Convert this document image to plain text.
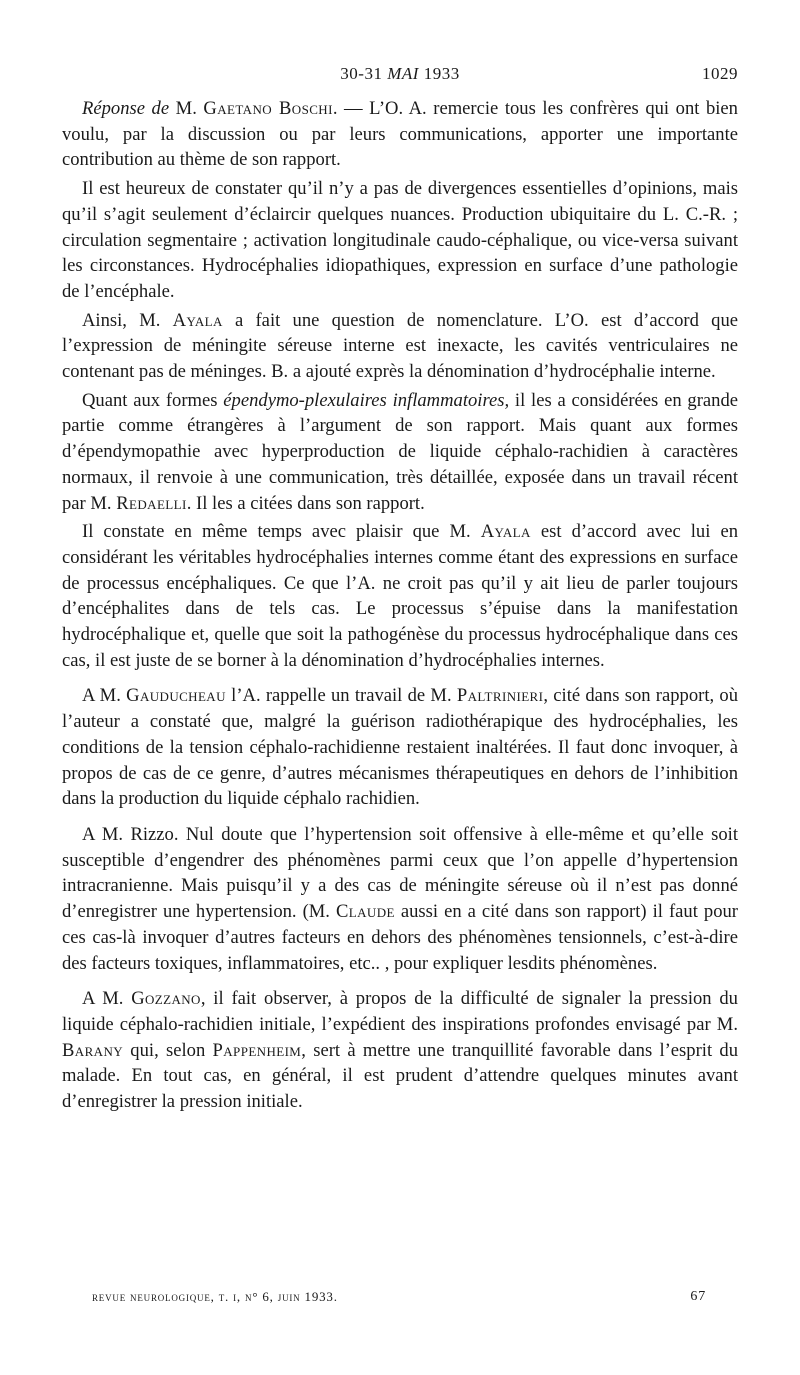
30-31 MAI 1933	1029

Réponse de M. Gaetano Boschi. — L’O. A. remercie tous les confrères qui ont bien voulu, par la discussion ou par leurs communications, apporter une importante contribution au thème de son rapport.

Il est heureux de constater qu’il n’y a pas de divergences essentielles d’opinions, mais qu’il s’agit seulement d’éclaircir quelques nuances. Production ubiquitaire du L. C.-R. ; circulation segmentaire ; activation longitudinale caudo-céphalique, ou vice-versa suivant les circonstances. Hydrocéphalies idiopathiques, expression en surface d’une pathologie de l’encéphale.

Ainsi, M. Ayala a fait une question de nomenclature. L’O. est d’accord que l’expression de méningite séreuse interne est inexacte, les cavités ventriculaires ne contenant pas de méninges. B. a ajouté exprès la dénomination d’hydrocéphalie interne.

Quant aux formes épendymo-plexulaires inflammatoires, il les a considérées en grande partie comme étrangères à l’argument de son rapport. Mais quant aux formes d’épendymopathie avec hyperproduction de liquide céphalo-rachidien à caractères normaux, il renvoie à une communication, très détaillée, exposée dans un travail récent par M. Redaelli. Il les a citées dans son rapport.

Il constate en même temps avec plaisir que M. Ayala est d’accord avec lui en considérant les véritables hydrocéphalies internes comme étant des expressions en surface de processus encéphaliques. Ce que l’A. ne croit pas qu’il y ait lieu de parler toujours d’encéphalites dans de tels cas. Le processus s’épuise dans la manifestation hydrocéphalique et, quelle que soit la pathogénèse du processus hydrocéphalique dans ces cas, il est juste de se borner à la dénomination d’hydrocéphalies internes.

A M. Gauducheau l’A. rappelle un travail de M. Paltrinieri, cité dans son rapport, où l’auteur a constaté que, malgré la guérison radiothérapique des hydrocéphalies, les conditions de la tension céphalo-rachidienne restaient inaltérées. Il faut donc invoquer, à propos de cas de ce genre, d’autres mécanismes thérapeutiques en dehors de l’inhibition dans la production du liquide céphalo rachidien.

A M. Rizzo. Nul doute que l’hypertension soit offensive à elle-même et qu’elle soit susceptible d’engendrer des phénomènes parmi ceux que l’on appelle d’hypertension intracranienne. Mais puisqu’il y a des cas de méningite séreuse où il n’est pas donné d’enregistrer une hypertension. (M. Claude aussi en a cité dans son rapport) il faut pour ces cas-là invoquer d’autres facteurs en dehors des phénomènes tensionnels, c’est-à-dire des facteurs toxiques, inflammatoires, etc.. , pour expliquer lesdits phénomènes.

A M. Gozzano, il fait observer, à propos de la difficulté de signaler la pression du liquide céphalo-rachidien initiale, l’expédient des inspirations profondes envisagé par M. Barany qui, selon Pappenheim, sert à mettre une tranquillité favorable dans l’esprit du malade. En tout cas, en général, il est prudent d’attendre quelques minutes avant d’enregistrer la pression initiale.

revue neurologique, t. i, n° 6, juin 1933.	67
